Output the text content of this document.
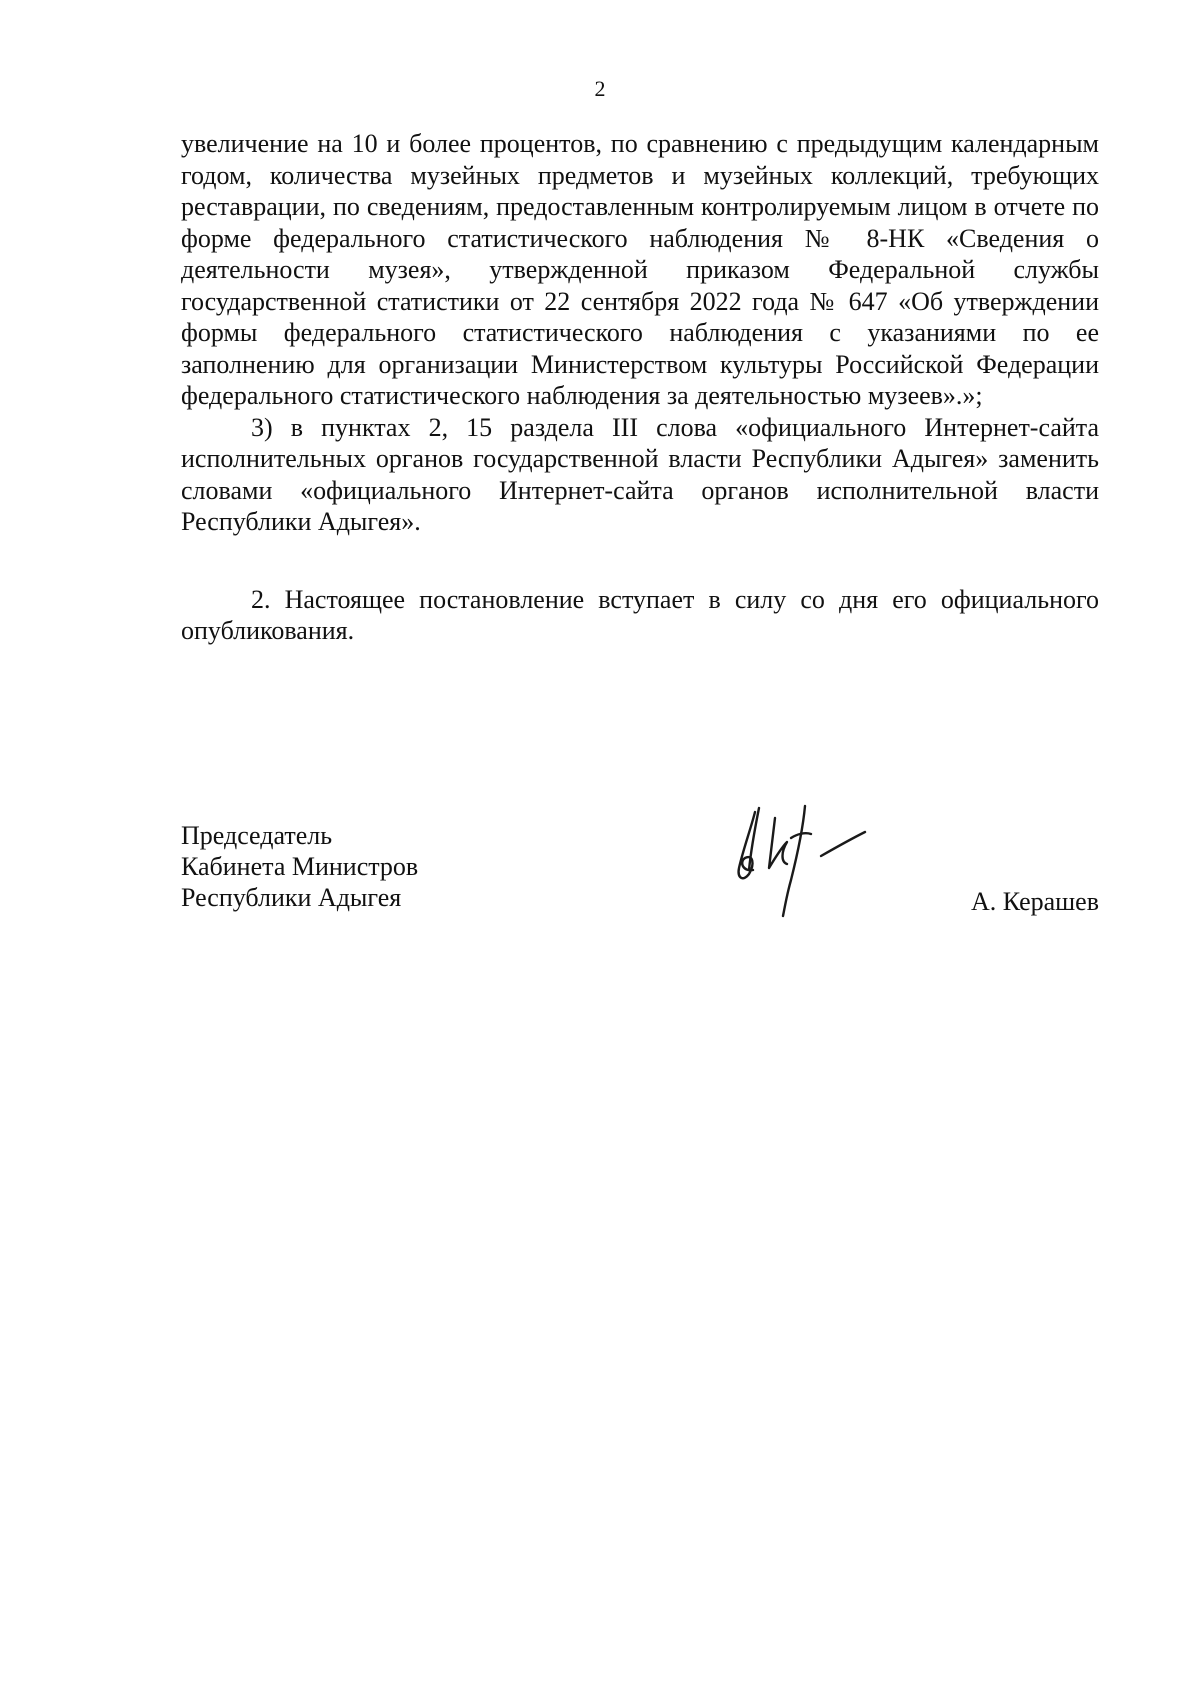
2

увеличение на 10 и более процентов, по сравнению с предыдущим календарным годом, количества музейных предметов и музейных коллекций, требующих реставрации, по сведениям, предоставленным контролируемым лицом в отчете по форме федерального статистического наблюдения № 8-НК «Сведения о деятельности музея», утвержденной приказом Федеральной службы государственной статистики от 22 сентября 2022 года № 647 «Об утверждении формы федерального статистического наблюдения с указаниями по ее заполнению для организации Министерством культуры Российской Федерации федерального статистического наблюдения за деятельностью музеев».»;

3) в пунктах 2, 15 раздела III слова «официального Интернет-сайта исполнительных органов государственной власти Республики Адыгея» заменить словами «официального Интернет-сайта органов исполнительной власти Республики Адыгея».

2. Настоящее постановление вступает в силу со дня его официального опубликования.

Председатель
Кабинета Министров
Республики Адыгея	А. Керашев
